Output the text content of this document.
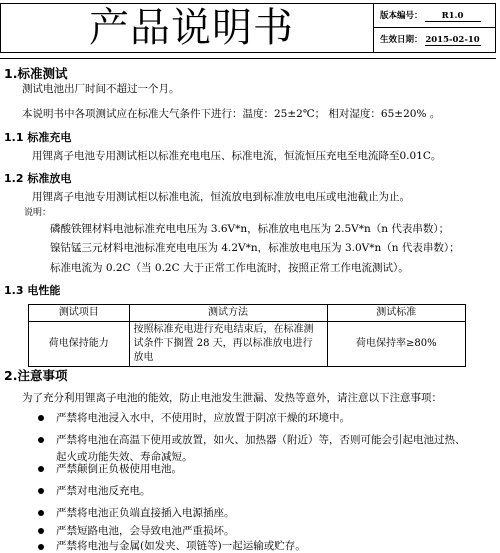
产品说明书	版本编号： R1.0
生效日期： 2015-02-10
1.标准测试
测试电池出厂时间不超过一个月。
本说明书中各项测试应在标准大气条件下进行：温度：25±2℃； 相对湿度：65±20% 。
1.1 标准充电
用锂离子电池专用测试柜以标准充电电压、标准电流，恒流恒压充电至电流降至0.01C。
1.2 标准放电
用锂离子电池专用测试柜以标准电流，恒流放电到标准放电电压或电池截止为止。
说明：
磷酸铁锂材料电池标准充电电压为 3.6V*n，标准放电电压为 2.5V*n（n 代表串数）；
镍钴锰三元材料电池标准充电电压为 4.2V*n，标准放电电压为 3.0V*n（n 代表串数）；
标准电流为 0.2C（当 0.2C 大于正常工作电流时，按照正常工作电流测试）。
1.3 电性能
测试项目	测试方法	测试标准
荷电保持能力	按照标准充电进行充电结束后，在标准测试条件下搁置 28 天，再以标准放电进行放电	荷电保持率≥80%
2.注意事项
为了充分利用锂离子电池的能效，防止电池发生泄漏、发热等意外，请注意以下注意事项：
严禁将电池浸入水中，不使用时，应放置于阴凉干燥的环境中。
严禁将电池在高温下使用或放置，如火、加热器（附近）等，否则可能会引起电池过热、
起火或功能失效、寿命减短。
严禁颠倒正负极使用电池。
严禁对电池反充电。
严禁将电池正负端直接插入电源插座。
严禁短路电池，会导致电池严重损坏。
严禁将电池与金属(如发夹、项链等)一起运输或贮存。
